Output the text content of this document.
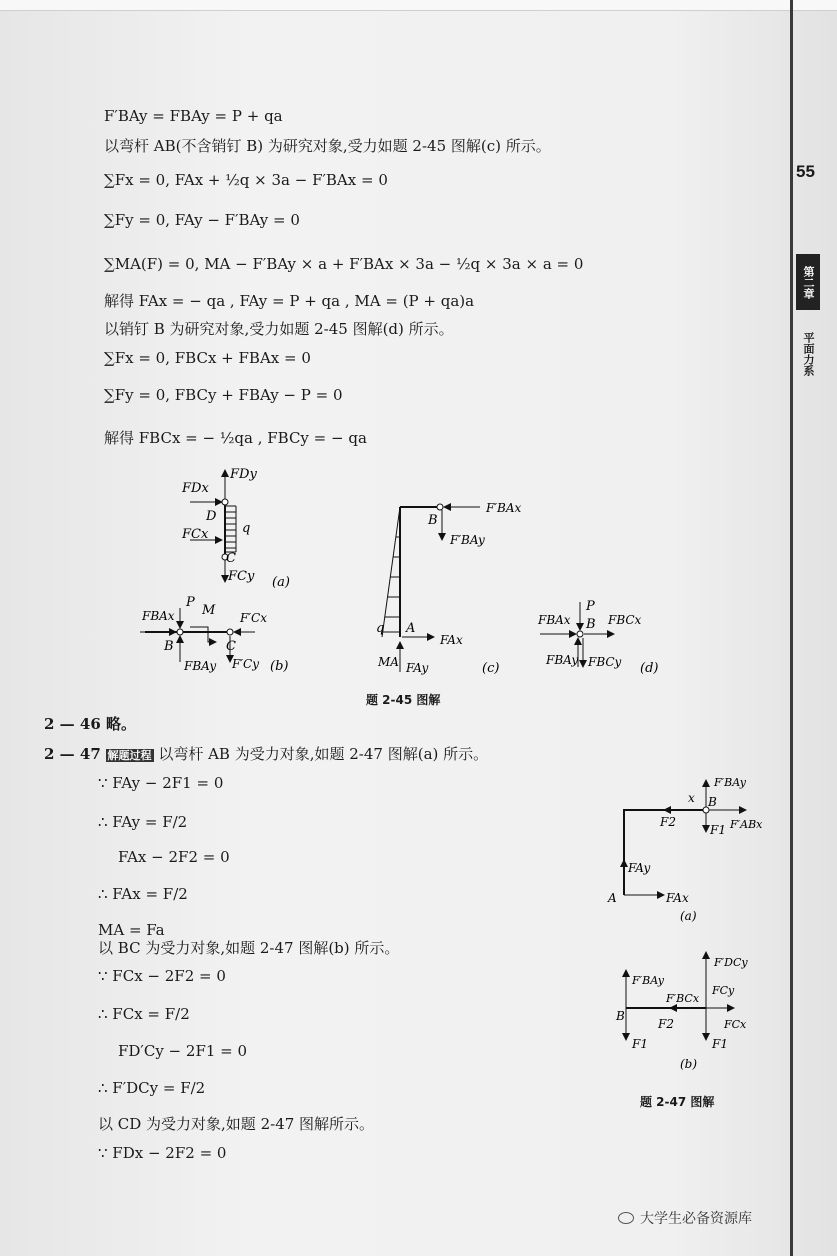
55
第二章
平面力系
F′BAy = FBAy = P + qa
以弯杆 AB(不含销钉 B) 为研究对象,受力如题 2-45 图解(c) 所示。
∑Fx = 0, FAx + ½q × 3a − F′BAx = 0
∑Fy = 0, FAy − F′BAy = 0
∑MA(F) = 0, MA − F′BAy × a + F′BAx × 3a − ½q × 3a × a = 0
解得 FAx = − qa , FAy = P + qa , MA = (P + qa)a
以销钉 B 为研究对象,受力如题 2-45 图解(d) 所示。
∑Fx = 0, FBCx + FBAx = 0
∑Fy = 0, FBCy + FBAy − P = 0
解得 FBCx = − ½qa , FBCy = − qa
FDy
FDx
D
q
FCx
C
FCy (a)
FBAx
P
M F′Cx
B	C
FBAy F′Cy (b)
F′BAx
B
F′BAy
q A
FAx
MA FAy	(c)
FBAx
P
B FBCx
FBAy FBCy (d)
题 2-45 图解
2 — 46 略。
2 — 47 解题过程 以弯杆 AB 为受力对象,如题 2-47 图解(a) 所示。
∵ FAy − 2F1 = 0
∴ FAy = F/2
FAx − 2F2 = 0
∴ FAx = F/2
MA = Fa
以 BC 为受力对象,如题 2-47 图解(b) 所示。
∵ FCx − 2F2 = 0
∴ FCx = F/2
FD′Cy − 2F1 = 0
∴ F′DCy = F/2
以 CD 为受力对象,如题 2-47 图解所示。
∵ FDx − 2F2 = 0
F′BAy
x B
F2
F1 F′ABx
FAy
A	FAx
(a)
F′DCy
F′BAy
FCy
F′BCx
B
F2	FCx
F1	F1
(b)
题 2-47 图解
大学生必备资源库
